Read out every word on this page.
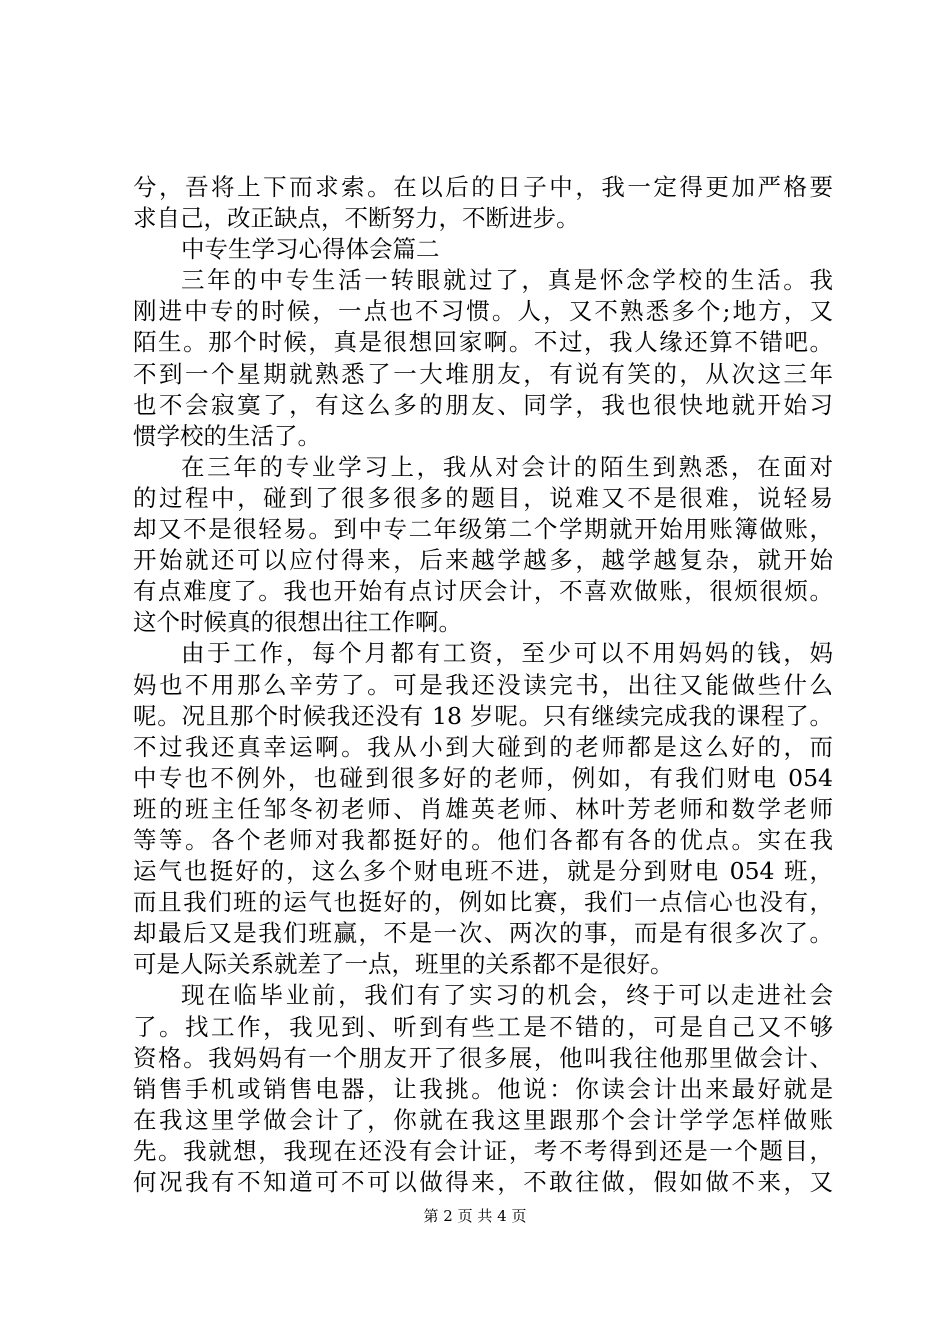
兮，吾将上下而求索。在以后的日子中，我一定得更加严格要
求自己，改正缺点，不断努力，不断进步。
中专生学习心得体会篇二
三年的中专生活一转眼就过了，真是怀念学校的生活。我
刚进中专的时候，一点也不习惯。人，又不熟悉多个;地方，又
陌生。那个时候，真是很想回家啊。不过，我人缘还算不错吧。
不到一个星期就熟悉了一大堆朋友，有说有笑的，从次这三年
也不会寂寞了，有这么多的朋友、同学，我也很快地就开始习
惯学校的生活了。
在三年的专业学习上，我从对会计的陌生到熟悉，在面对
的过程中，碰到了很多很多的题目，说难又不是很难，说轻易
却又不是很轻易。到中专二年级第二个学期就开始用账簿做账，
开始就还可以应付得来，后来越学越多，越学越复杂，就开始
有点难度了。我也开始有点讨厌会计，不喜欢做账，很烦很烦。
这个时候真的很想出往工作啊。
由于工作，每个月都有工资，至少可以不用妈妈的钱，妈
妈也不用那么辛劳了。可是我还没读完书，出往又能做些什么
呢。况且那个时候我还没有 18 岁呢。只有继续完成我的课程了。
不过我还真幸运啊。我从小到大碰到的老师都是这么好的，而
中专也不例外，也碰到很多好的老师，例如，有我们财电 054
班的班主任邹冬初老师、肖雄英老师、林叶芳老师和数学老师
等等。各个老师对我都挺好的。他们各都有各的优点。实在我
运气也挺好的，这么多个财电班不进，就是分到财电 054 班，
而且我们班的运气也挺好的，例如比赛，我们一点信心也没有，
却最后又是我们班赢，不是一次、两次的事，而是有很多次了。
可是人际关系就差了一点，班里的关系都不是很好。
现在临毕业前，我们有了实习的机会，终于可以走进社会
了。找工作，我见到、听到有些工是不错的，可是自己又不够
资格。我妈妈有一个朋友开了很多展，他叫我往他那里做会计、
销售手机或销售电器，让我挑。他说：你读会计出来最好就是
在我这里学做会计了，你就在我这里跟那个会计学学怎样做账
先。我就想，我现在还没有会计证，考不考得到还是一个题目，
何况我有不知道可不可以做得来，不敢往做，假如做不来，又
第 2 页 共 4 页
